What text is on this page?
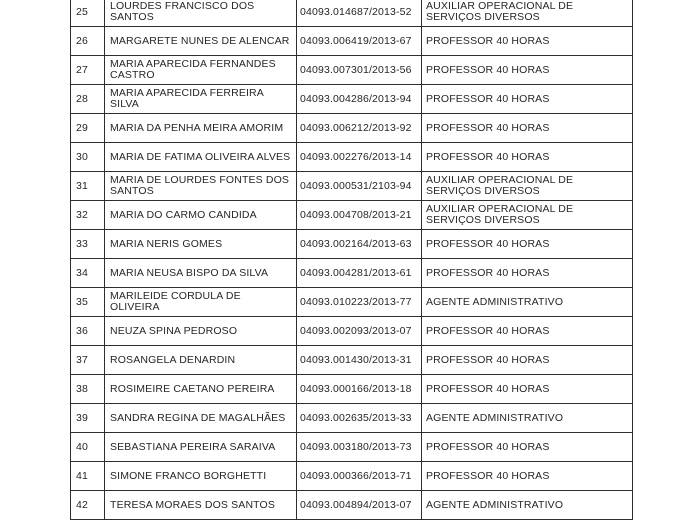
25	LOURDES FRANCISCO DOS SANTOS	04093.014687/2013-52	AUXILIAR OPERACIONAL DE SERVIÇOS DIVERSOS
26	MARGARETE NUNES DE ALENCAR	04093.006419/2013-67	PROFESSOR 40 HORAS
27	MARIA APARECIDA FERNANDES CASTRO	04093.007301/2013-56	PROFESSOR 40 HORAS
28	MARIA APARECIDA FERREIRA SILVA	04093.004286/2013-94	PROFESSOR 40 HORAS
29	MARIA DA PENHA MEIRA AMORIM	04093.006212/2013-92	PROFESSOR 40 HORAS
30	MARIA DE FATIMA OLIVEIRA ALVES	04093.002276/2013-14	PROFESSOR 40 HORAS
31	MARIA DE LOURDES FONTES DOS SANTOS	04093.000531/2103-94	AUXILIAR OPERACIONAL DE SERVIÇOS DIVERSOS
32	MARIA DO CARMO CANDIDA	04093.004708/2013-21	AUXILIAR OPERACIONAL DE SERVIÇOS DIVERSOS
33	MARIA NERIS GOMES	04093.002164/2013-63	PROFESSOR 40 HORAS
34	MARIA NEUSA BISPO DA SILVA	04093.004281/2013-61	PROFESSOR 40 HORAS
35	MARILEIDE CORDULA DE OLIVEIRA	04093.010223/2013-77	AGENTE ADMINISTRATIVO
36	NEUZA SPINA PEDROSO	04093.002093/2013-07	PROFESSOR 40 HORAS
37	ROSANGELA DENARDIN	04093.001430/2013-31	PROFESSOR 40 HORAS
38	ROSIMEIRE CAETANO PEREIRA	04093.000166/2013-18	PROFESSOR 40 HORAS
39	SANDRA REGINA DE MAGALHÃES	04093.002635/2013-33	AGENTE ADMINISTRATIVO
40	SEBASTIANA PEREIRA SARAIVA	04093.003180/2013-73	PROFESSOR 40 HORAS
41	SIMONE FRANCO BORGHETTI	04093.000366/2013-71	PROFESSOR 40 HORAS
42	TERESA MORAES DOS SANTOS	04093.004894/2013-07	AGENTE ADMINISTRATIVO
